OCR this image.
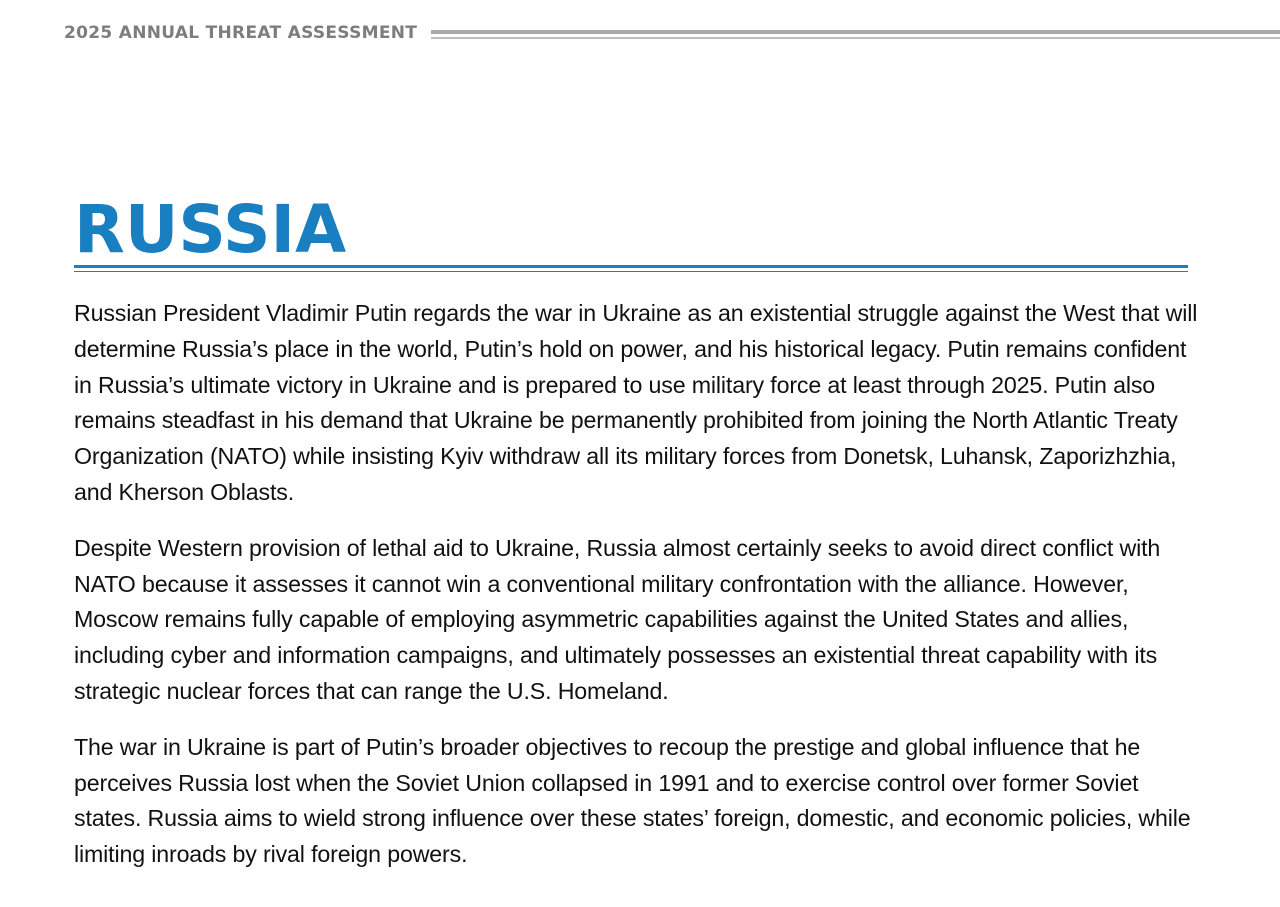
2025 ANNUAL THREAT ASSESSMENT
RUSSIA

Russian President Vladimir Putin regards the war in Ukraine as an existential struggle against the West that will determine Russia’s place in the world, Putin’s hold on power, and his historical legacy. Putin remains confident in Russia’s ultimate victory in Ukraine and is prepared to use military force at least through 2025. Putin also remains steadfast in his demand that Ukraine be permanently prohibited from joining the North Atlantic Treaty Organization (NATO) while insisting Kyiv withdraw all its military forces from Donetsk, Luhansk, Zaporizhzhia, and Kherson Oblasts.

Despite Western provision of lethal aid to Ukraine, Russia almost certainly seeks to avoid direct conflict with NATO because it assesses it cannot win a conventional military confrontation with the alliance. However, Moscow remains fully capable of employing asymmetric capabilities against the United States and allies, including cyber and information campaigns, and ultimately possesses an existential threat capability with its strategic nuclear forces that can range the U.S. Homeland.

The war in Ukraine is part of Putin’s broader objectives to recoup the prestige and global influence that he perceives Russia lost when the Soviet Union collapsed in 1991 and to exercise control over former Soviet states. Russia aims to wield strong influence over these states’ foreign, domestic, and economic policies, while limiting inroads by rival foreign powers.
